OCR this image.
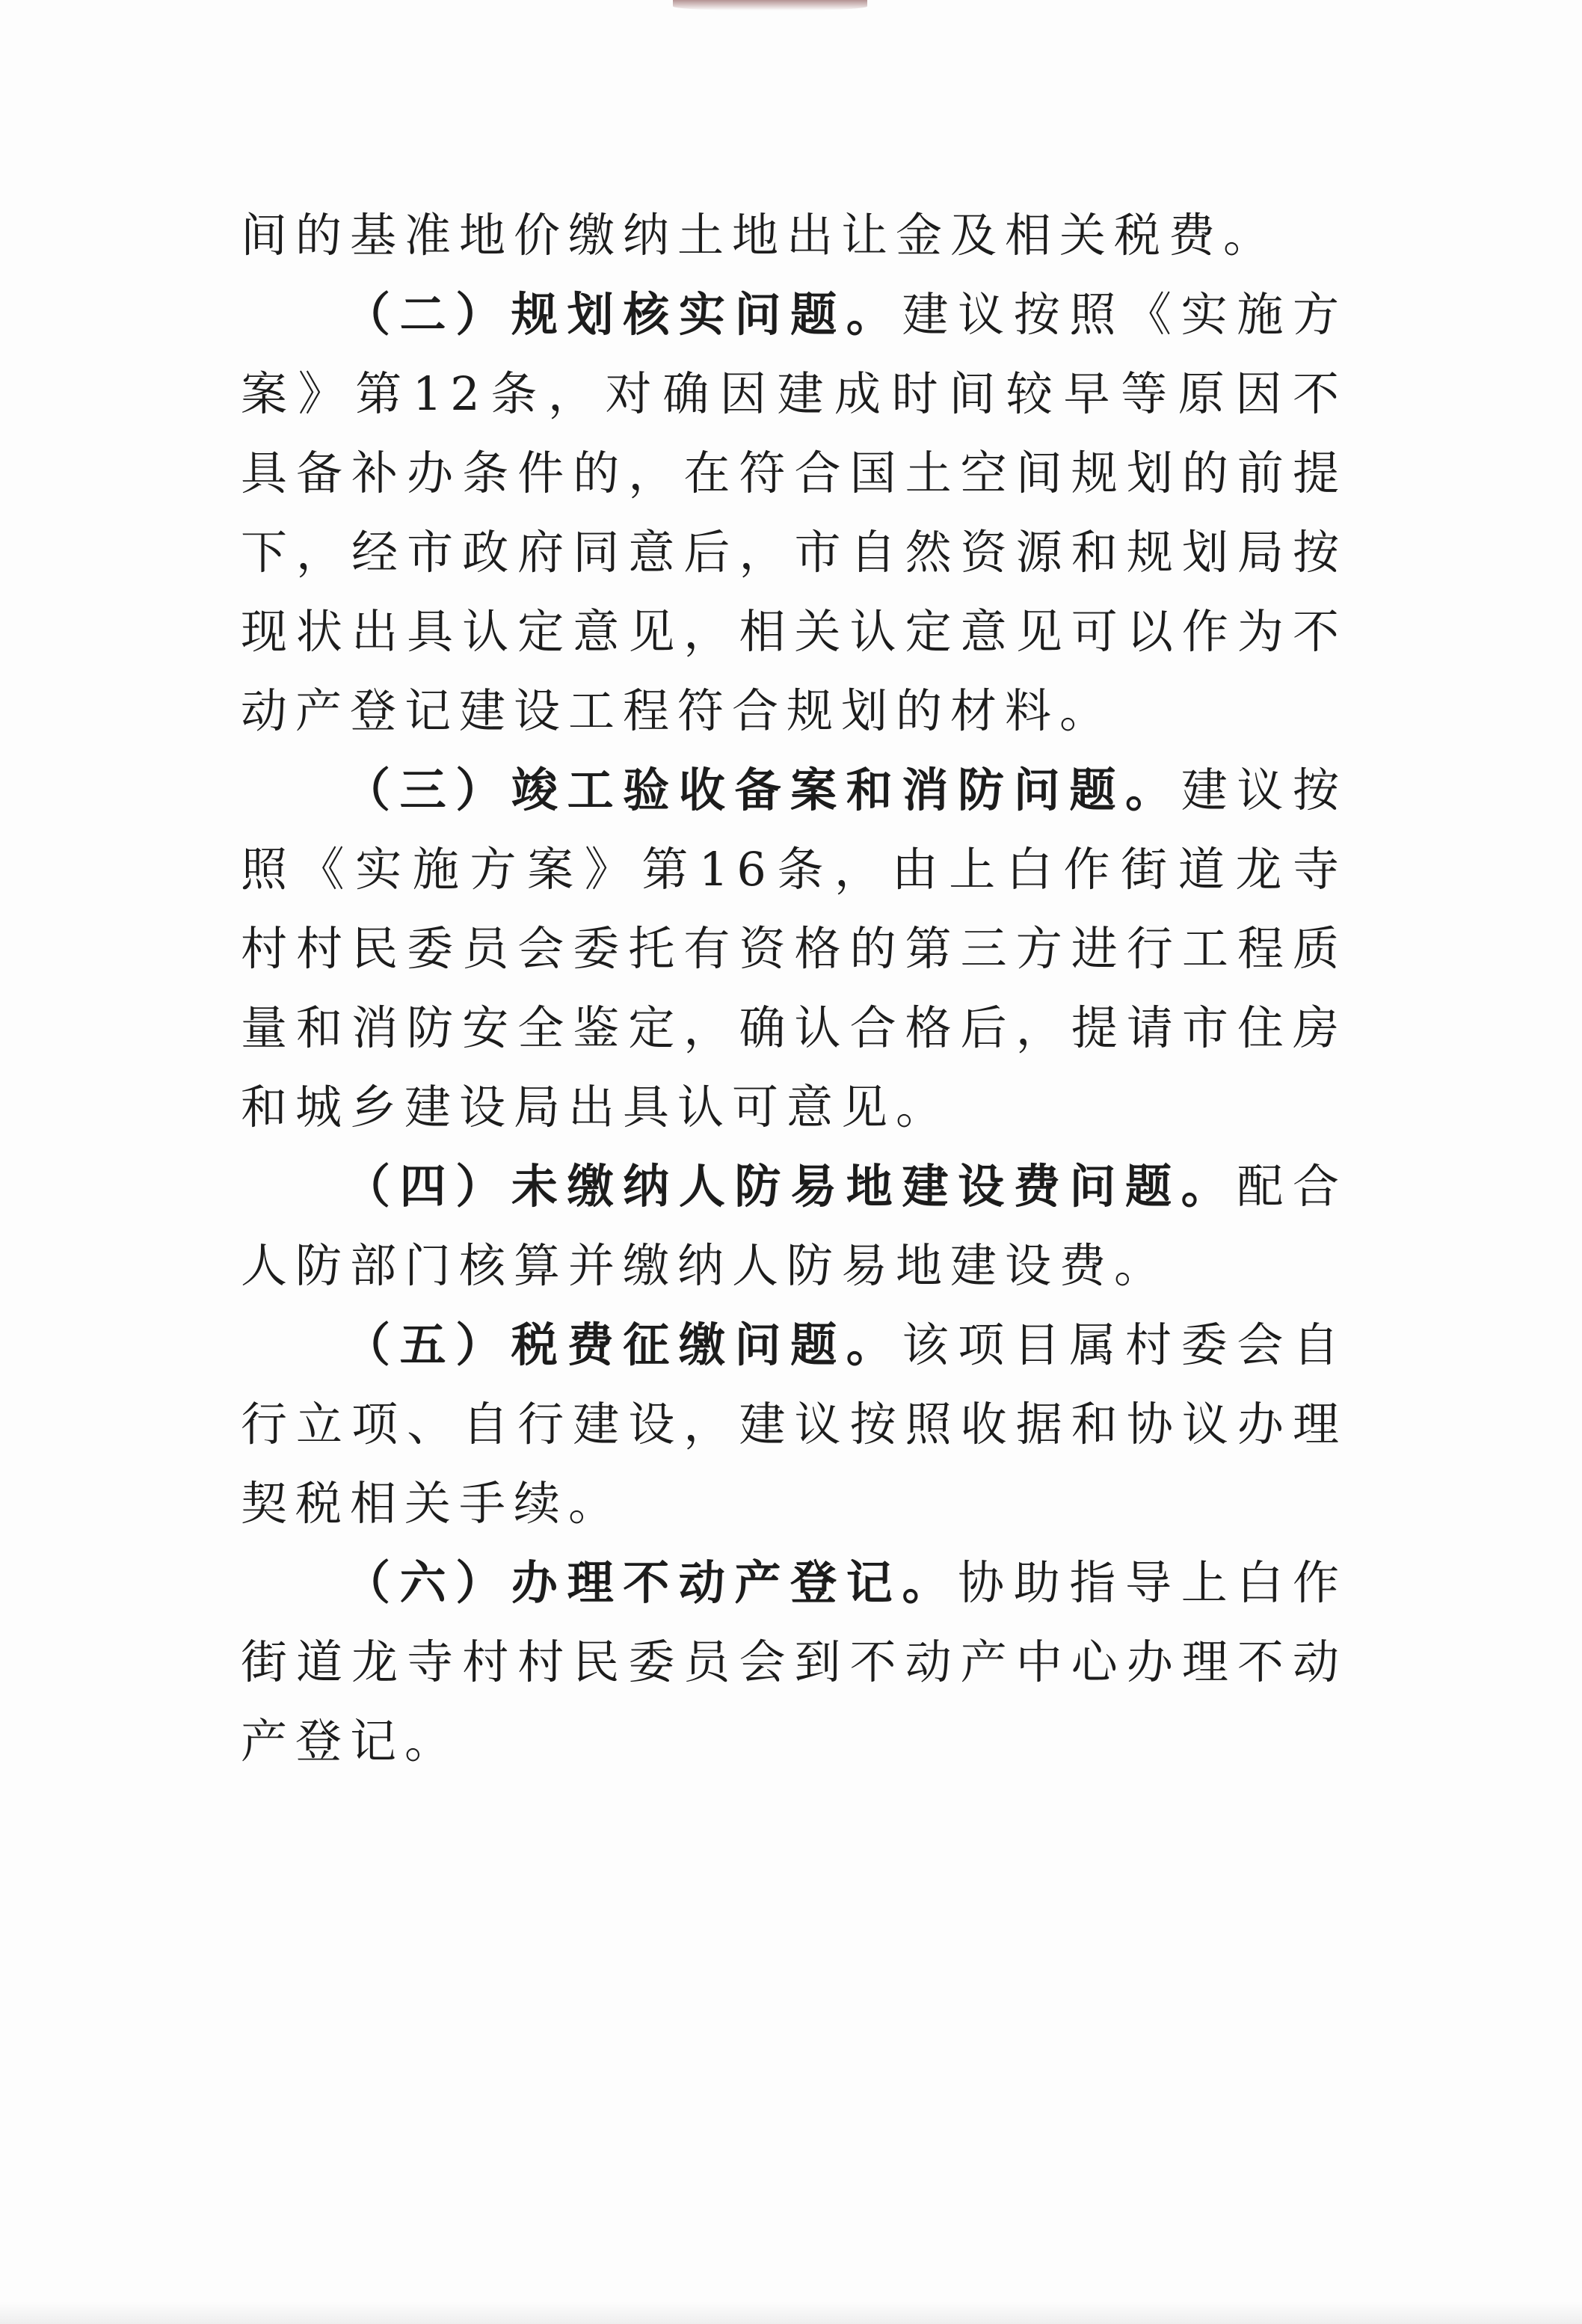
间的基准地价缴纳土地出让金及相关税费。

（二）规划核实问题。建议按照《实施方案》第12条，对确因建成时间较早等原因不具备补办条件的，在符合国土空间规划的前提下，经市政府同意后，市自然资源和规划局按现状出具认定意见，相关认定意见可以作为不动产登记建设工程符合规划的材料。

（三）竣工验收备案和消防问题。建议按照《实施方案》第16条，由上白作街道龙寺村村民委员会委托有资格的第三方进行工程质量和消防安全鉴定，确认合格后，提请市住房和城乡建设局出具认可意见。

（四）未缴纳人防易地建设费问题。配合人防部门核算并缴纳人防易地建设费。

（五）税费征缴问题。该项目属村委会自行立项、自行建设，建议按照收据和协议办理契税相关手续。

（六）办理不动产登记。协助指导上白作街道龙寺村村民委员会到不动产中心办理不动产登记。
